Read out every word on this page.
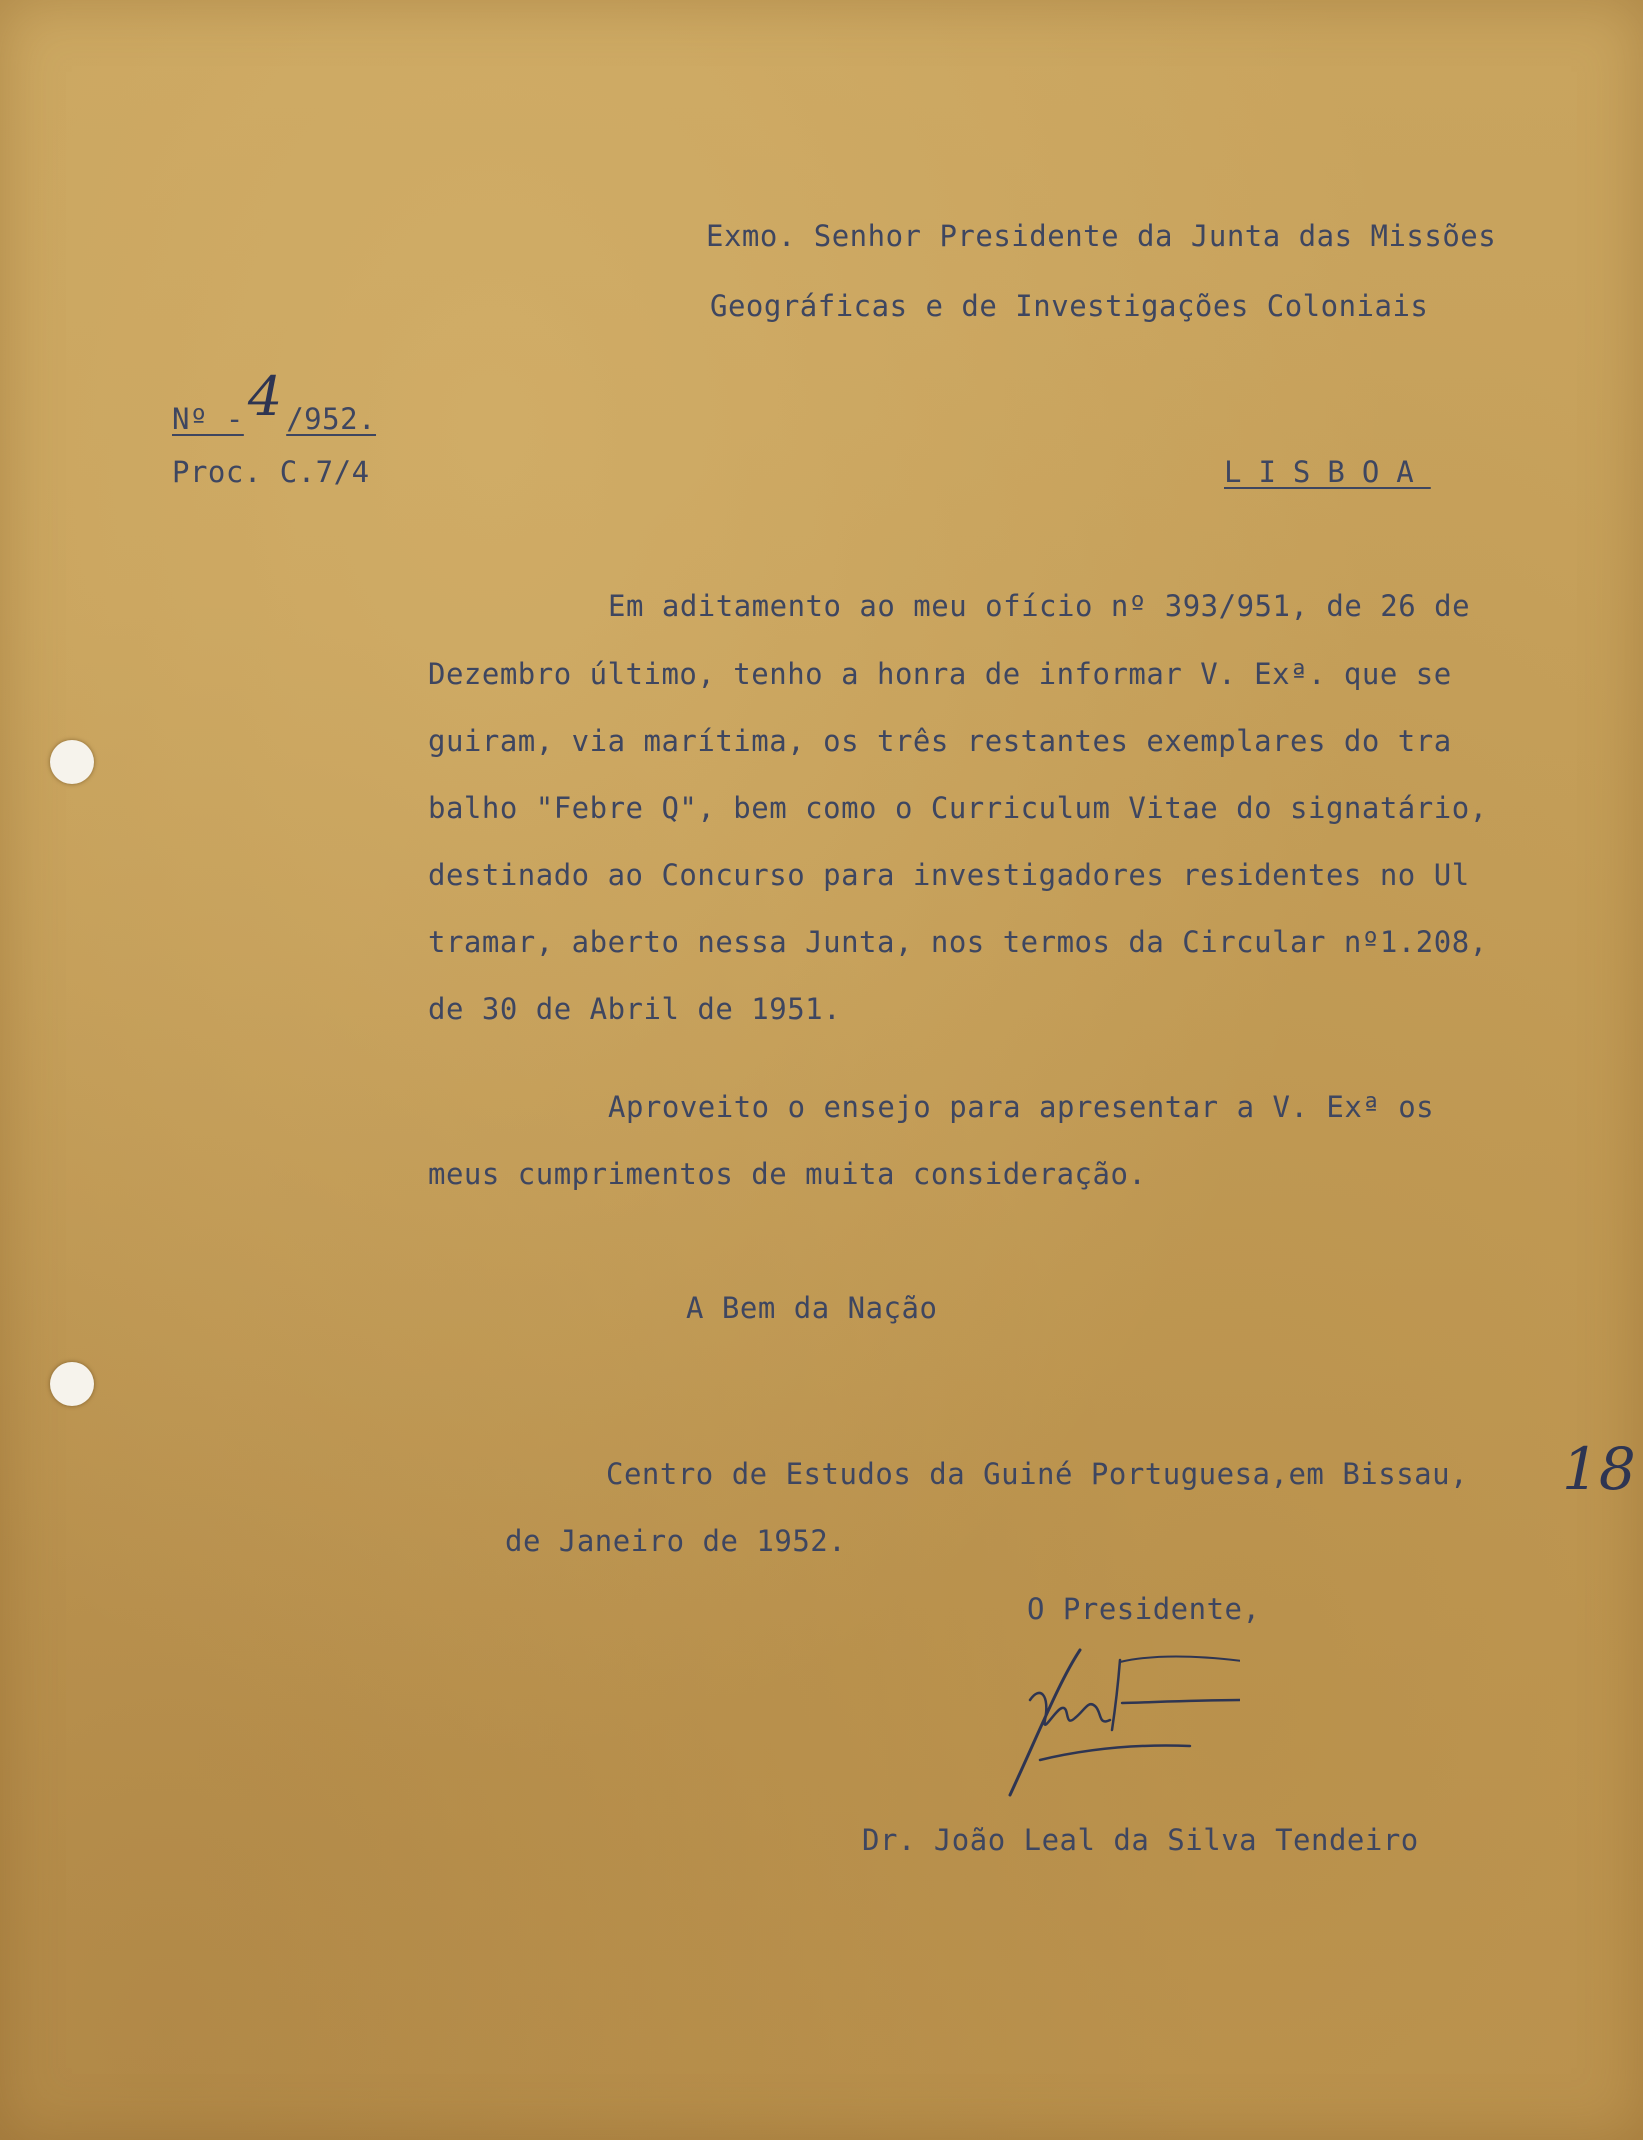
Exmo. Senhor Presidente da Junta das Missões
Geográficas e de Investigações Coloniais
Nº -4 /952.
Proc. C.7/4	LISBOA
Em aditamento ao meu ofício nº 393/951, de 26 de
Dezembro último, tenho a honra de informar V. Exª. que se
guiram, via marítima, os três restantes exemplares do tra
balho "Febre Q", bem como o Curriculum Vitae do signatário,
destinado ao Concurso para investigadores residentes no Ul
tramar, aberto nessa Junta, nos termos da Circular nº1.208,
de 30 de Abril de 1951.
Aproveito o ensejo para apresentar a V. Exª os
meus cumprimentos de muita consideração.
A Bem da Nação
Centro de Estudos da Guiné Portuguesa,em Bissau, 18
de Janeiro de 1952.
O Presidente,
Dr. João Leal da Silva Tendeiro
